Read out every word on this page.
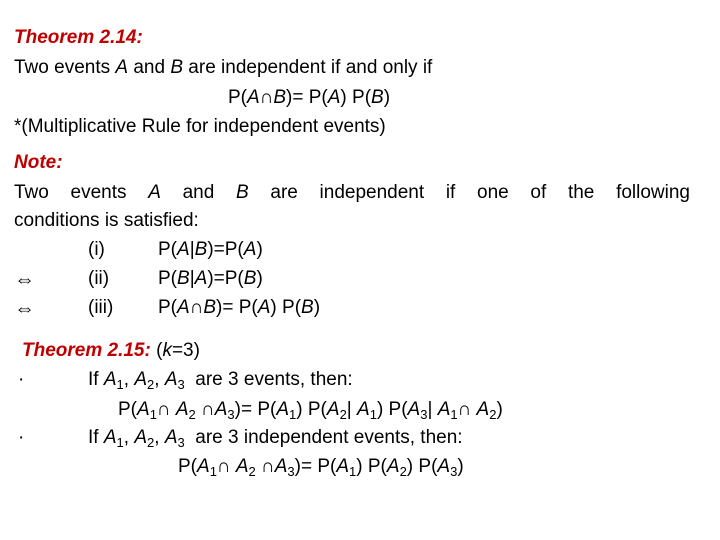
Theorem 2.14:
Two events A and B are independent if and only if
P(A∩B)= P(A) P(B)
*(Multiplicative Rule for independent events)
Note:
Two events A and B are independent if one of the following
conditions is satisfied:
(i)	P(A|B)=P(A)
⇔	(ii)	P(B|A)=P(B)
⇔	(iii) P(A∩B)= P(A) P(B)
Theorem 2.15: (k=3)
·	If $A_1$, $A_2$, $A_3$  are 3 events, then:
$P(A_1\cap$ $A_2$ $\cap A_3)= P(A_1)$ $P(A_2|$ $A_1$) $P(A_3|$ $A_1\cap$ $A_2$)
·	If $A_1$, $A_2$, $A_3$  are 3 independent events, then:
$P(A_1\cap$ $A_2$ $\cap A_3)= P(A_1)$ $P(A_2)$ $P(A_3)$
